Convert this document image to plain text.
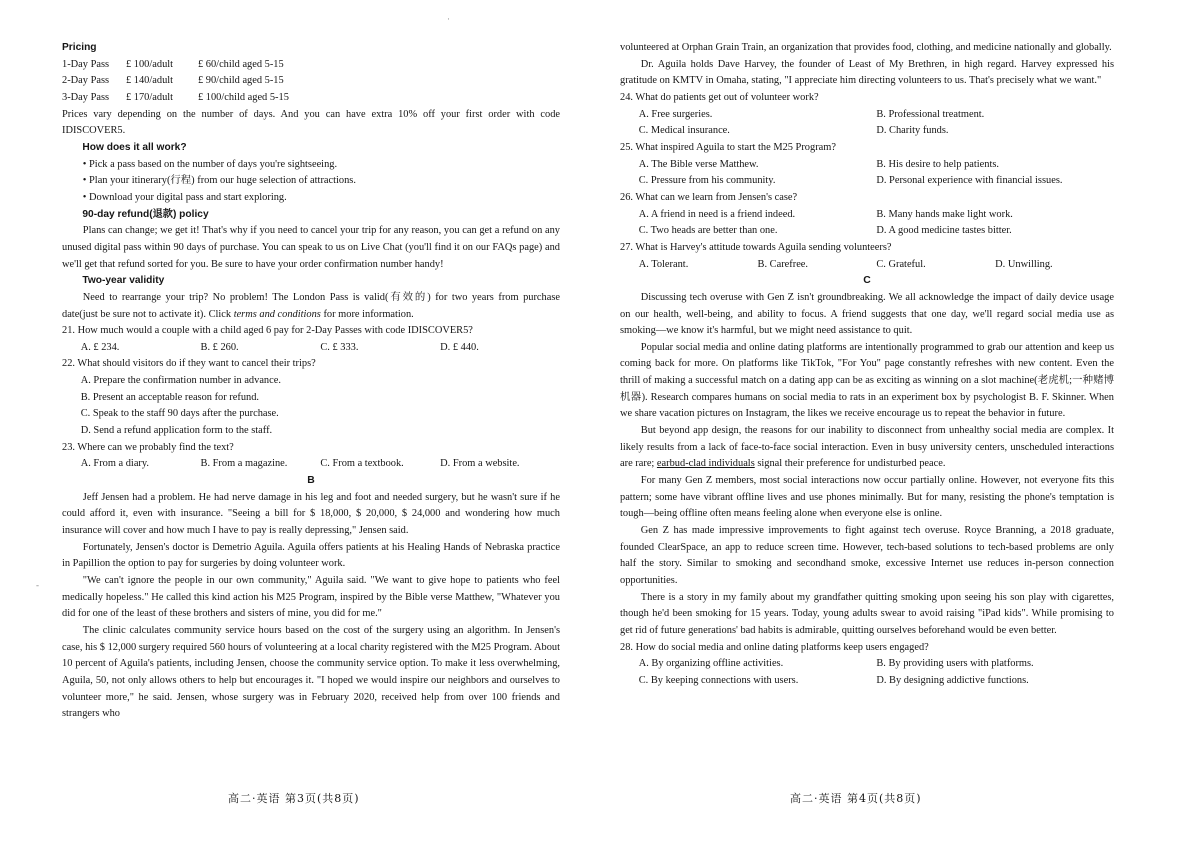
·
-

Pricing

1-Day Pass	£ 100/adult	£ 60/child aged 5-15
2-Day Pass	£ 140/adult	£ 90/child aged 5-15
3-Day Pass	£ 170/adult	£ 100/child aged 5-15

Prices vary depending on the number of days. And you can have extra 10% off your first order with code IDISCOVER5.

How does it all work?

• Pick a pass based on the number of days you're sightseeing.

• Plan your itinerary(行程) from our huge selection of attractions.

• Download your digital pass and start exploring.

90-day refund(退款) policy

Plans can change; we get it! That's why if you need to cancel your trip for any reason, you can get a refund on any unused digital pass within 90 days of purchase. You can speak to us on Live Chat (you'll find it on our FAQs page) and we'll get that refund sorted for you. Be sure to have your order confirmation number handy!

Two-year validity

Need to rearrange your trip? No problem! The London Pass is valid(有效的) for two years from purchase date(just be sure not to activate it). Click terms and conditions for more information.

21. How much would a couple with a child aged 6 pay for 2-Day Passes with code IDISCOVER5?

A. £ 234.	B. £ 260.	C. £ 333.	D. £ 440.

22. What should visitors do if they want to cancel their trips?

A. Prepare the confirmation number in advance.

B. Present an acceptable reason for refund.

C. Speak to the staff 90 days after the purchase.

D. Send a refund application form to the staff.

23. Where can we probably find the text?

A. From a diary.	B. From a magazine.	C. From a textbook.	D. From a website.

B

Jeff Jensen had a problem. He had nerve damage in his leg and foot and needed surgery, but he wasn't sure if he could afford it, even with insurance. "Seeing a bill for $ 18,000, $ 20,000, $ 24,000 and wondering how much insurance will cover and how much I have to pay is really depressing," Jensen said.

Fortunately, Jensen's doctor is Demetrio Aguila. Aguila offers patients at his Healing Hands of Nebraska practice in Papillion the option to pay for surgeries by doing volunteer work.

"We can't ignore the people in our own community," Aguila said. "We want to give hope to patients who feel medically hopeless." He called this kind action his M25 Program, inspired by the Bible verse Matthew, "Whatever you did for one of the least of these brothers and sisters of mine, you did for me."

The clinic calculates community service hours based on the cost of the surgery using an algorithm. In Jensen's case, his $ 12,000 surgery required 560 hours of volunteering at a local charity registered with the M25 Program. About 10 percent of Aguila's patients, including Jensen, choose the community service option. To make it less overwhelming, Aguila, 50, not only allows others to help but encourages it. "I hoped we would inspire our neighbors and ourselves to volunteer more," he said. Jensen, whose surgery was in February 2020, received help from over 100 friends and strangers who

volunteered at Orphan Grain Train, an organization that provides food, clothing, and medicine nationally and globally.

Dr. Aguila holds Dave Harvey, the founder of Least of My Brethren, in high regard. Harvey expressed his gratitude on KMTV in Omaha, stating, "I appreciate him directing volunteers to us. That's precisely what we want."

24. What do patients get out of volunteer work?

A. Free surgeries.	B. Professional treatment.
C. Medical insurance.	D. Charity funds.

25. What inspired Aguila to start the M25 Program?

A. The Bible verse Matthew.	B. His desire to help patients.
C. Pressure from his community.	D. Personal experience with financial issues.

26. What can we learn from Jensen's case?

A. A friend in need is a friend indeed.	B. Many hands make light work.
C. Two heads are better than one.	D. A good medicine tastes bitter.

27. What is Harvey's attitude towards Aguila sending volunteers?

A. Tolerant.	B. Carefree.	C. Grateful.	D. Unwilling.

C

Discussing tech overuse with Gen Z isn't groundbreaking. We all acknowledge the impact of daily device usage on our health, well-being, and ability to focus. A friend suggests that one day, we'll regard social media use as smoking—we know it's harmful, but we might need assistance to quit.

Popular social media and online dating platforms are intentionally programmed to grab our attention and keep us coming back for more. On platforms like TikTok, "For You" page constantly refreshes with new content. Even the thrill of making a successful match on a dating app can be as exciting as winning on a slot machine(老虎机;一种赌博机器). Research compares humans on social media to rats in an experiment box by psychologist B. F. Skinner. When we share vacation pictures on Instagram, the likes we receive encourage us to repeat the behavior in future.

But beyond app design, the reasons for our inability to disconnect from unhealthy social media are complex. It likely results from a lack of face-to-face social interaction. Even in busy university centers, unscheduled interactions are rare; earbud-clad individuals signal their preference for undisturbed peace.

For many Gen Z members, most social interactions now occur partially online. However, not everyone fits this pattern; some have vibrant offline lives and use phones minimally. But for many, resisting the phone's temptation is tough—being offline often means feeling alone when everyone else is online.

Gen Z has made impressive improvements to fight against tech overuse. Royce Branning, a 2018 graduate, founded ClearSpace, an app to reduce screen time. However, tech-based solutions to tech-based problems are only half the story. Similar to smoking and secondhand smoke, excessive Internet use reduces in-person connection opportunities.

There is a story in my family about my grandfather quitting smoking upon seeing his son play with cigarettes, though he'd been smoking for 15 years. Today, young adults swear to avoid raising "iPad kids". While promising to get rid of future generations' bad habits is admirable, quitting ourselves beforehand would be even better.

28. How do social media and online dating platforms keep users engaged?

A. By organizing offline activities.	B. By providing users with platforms.
C. By keeping connections with users.	D. By designing addictive functions.
高二·英语 第3页(共8页)	高二·英语 第4页(共8页)
